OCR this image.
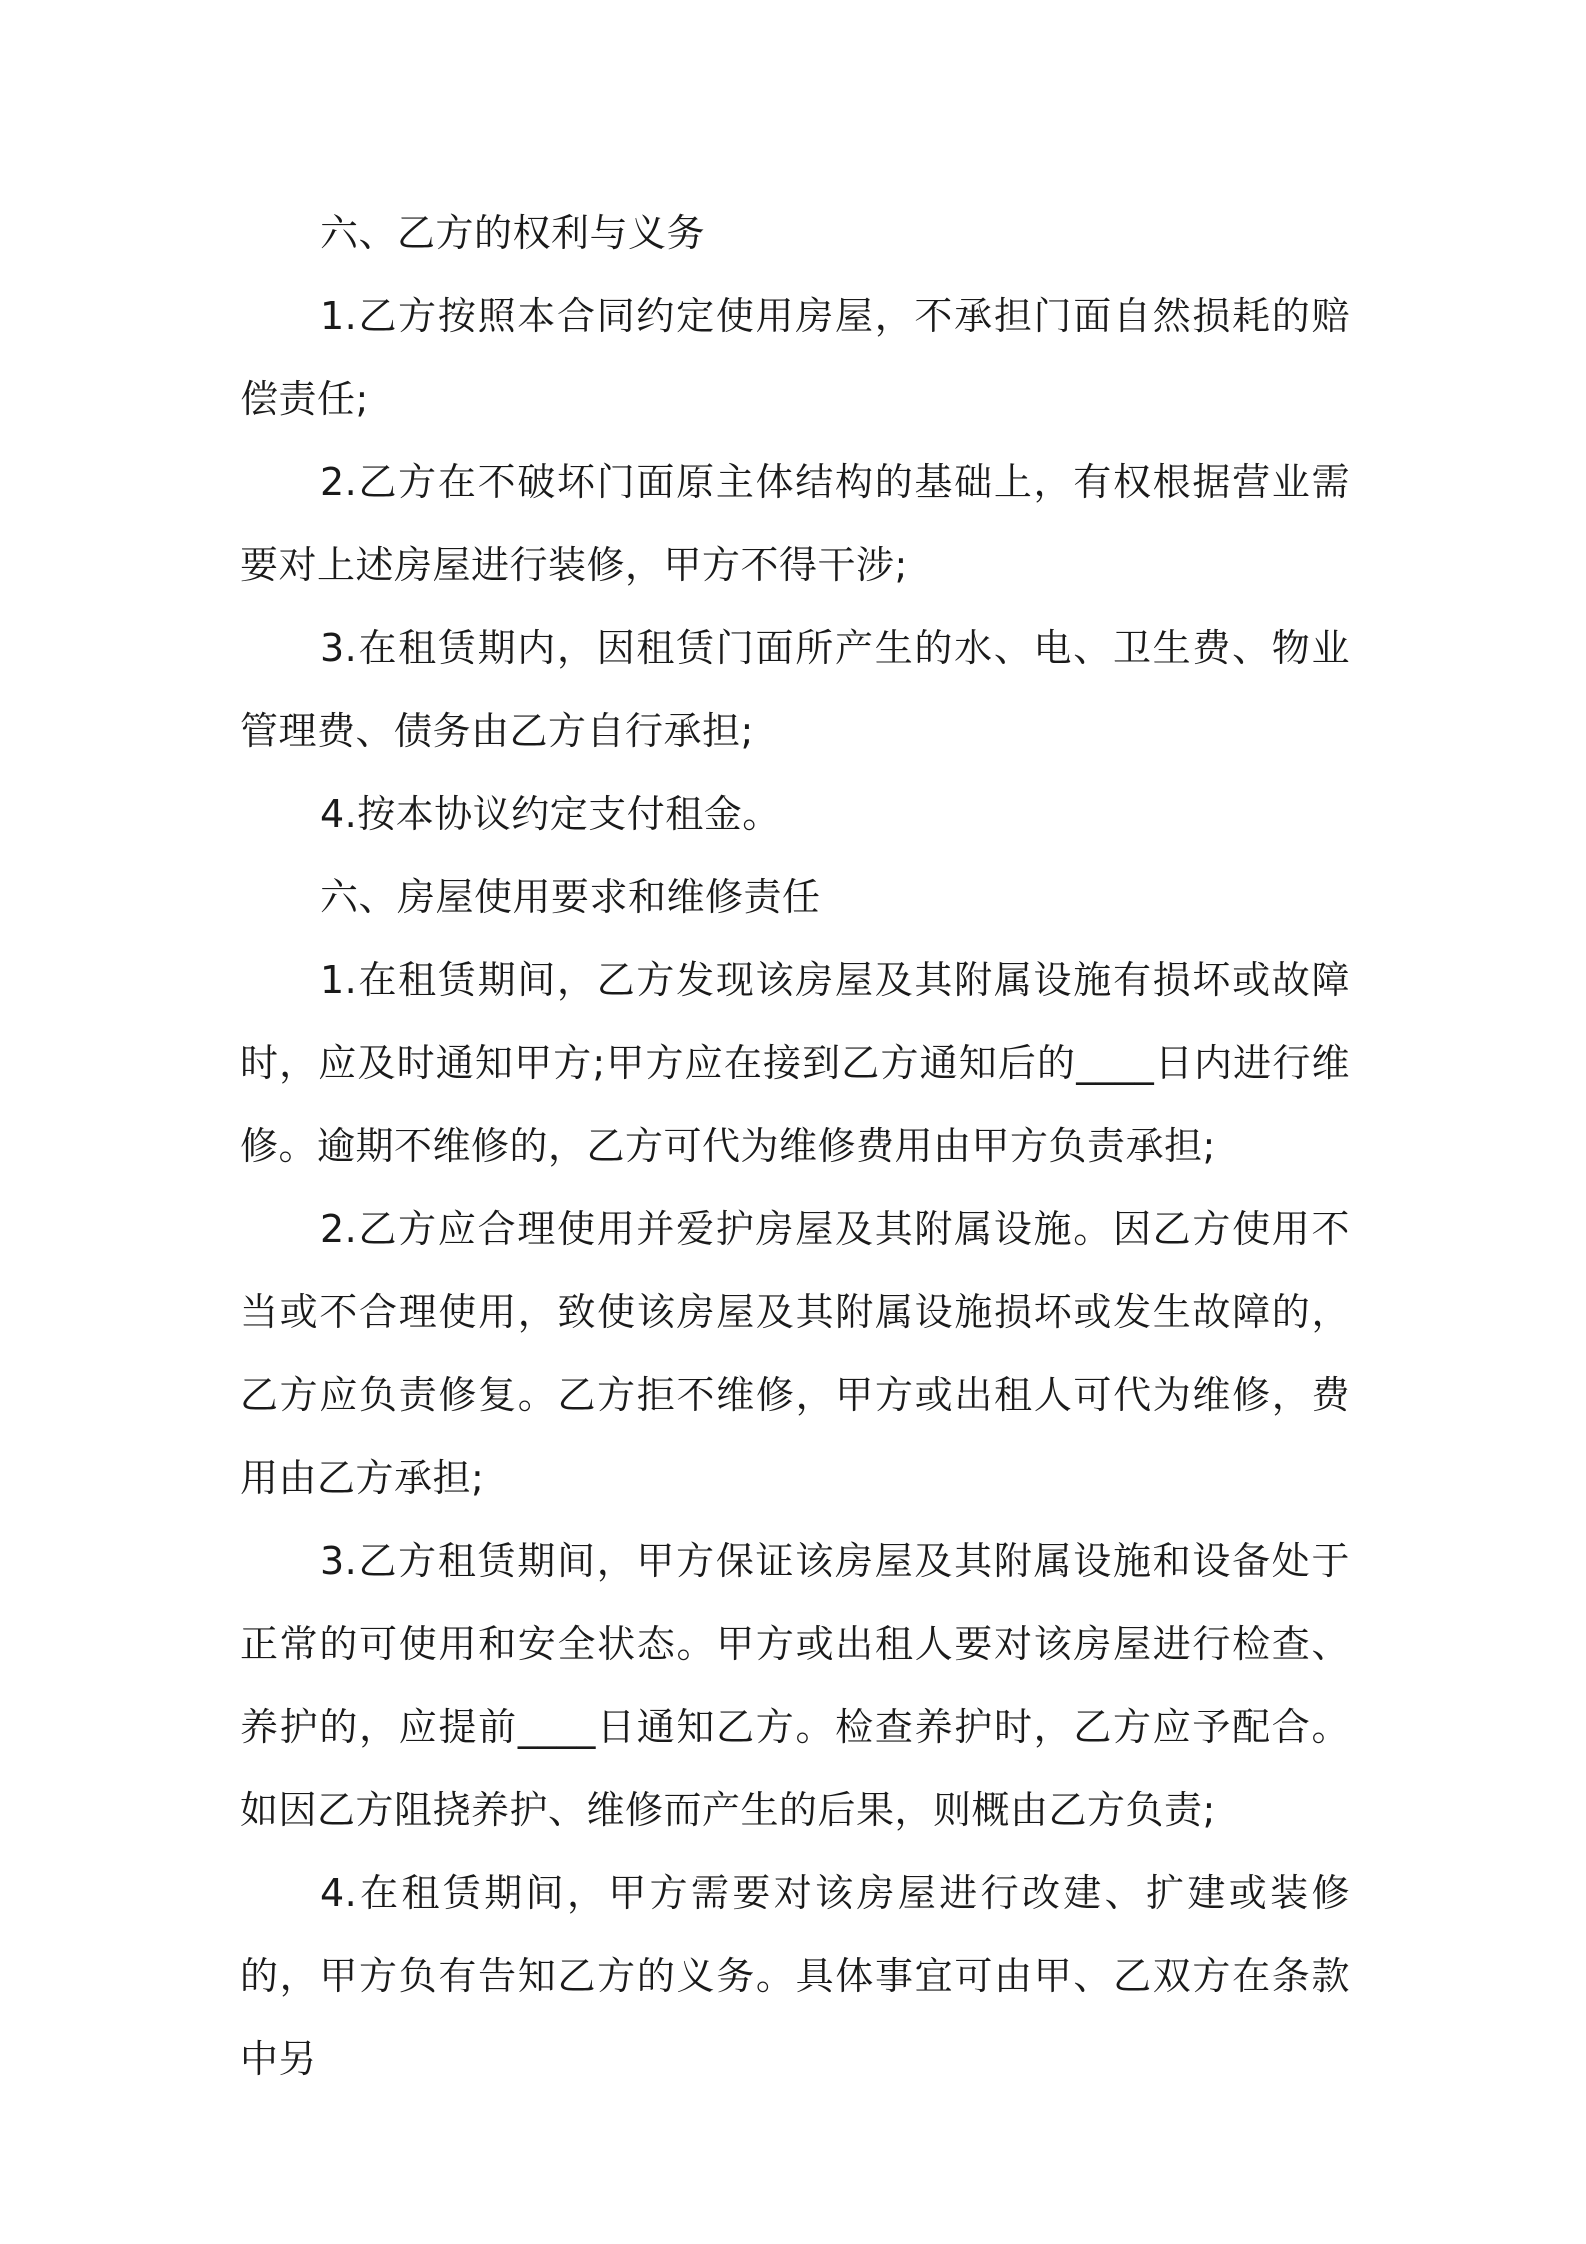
六、乙方的权利与义务

1.乙方按照本合同约定使用房屋，不承担门面自然损耗的赔偿责任;

2.乙方在不破坏门面原主体结构的基础上，有权根据营业需要对上述房屋进行装修，甲方不得干涉;

3.在租赁期内，因租赁门面所产生的水、电、卫生费、物业管理费、债务由乙方自行承担;

4.按本协议约定支付租金。

六、房屋使用要求和维修责任

1.在租赁期间，乙方发现该房屋及其附属设施有损坏或故障时，应及时通知甲方;甲方应在接到乙方通知后的____日内进行维修。逾期不维修的，乙方可代为维修费用由甲方负责承担;

2.乙方应合理使用并爱护房屋及其附属设施。因乙方使用不当或不合理使用，致使该房屋及其附属设施损坏或发生故障的，乙方应负责修复。乙方拒不维修，甲方或出租人可代为维修，费用由乙方承担;

3.乙方租赁期间，甲方保证该房屋及其附属设施和设备处于正常的可使用和安全状态。甲方或出租人要对该房屋进行检查、养护的，应提前____日通知乙方。检查养护时，乙方应予配合。如因乙方阻挠养护、维修而产生的后果，则概由乙方负责;

4.在租赁期间，甲方需要对该房屋进行改建、扩建或装修的，甲方负有告知乙方的义务。具体事宜可由甲、乙双方在条款中另
